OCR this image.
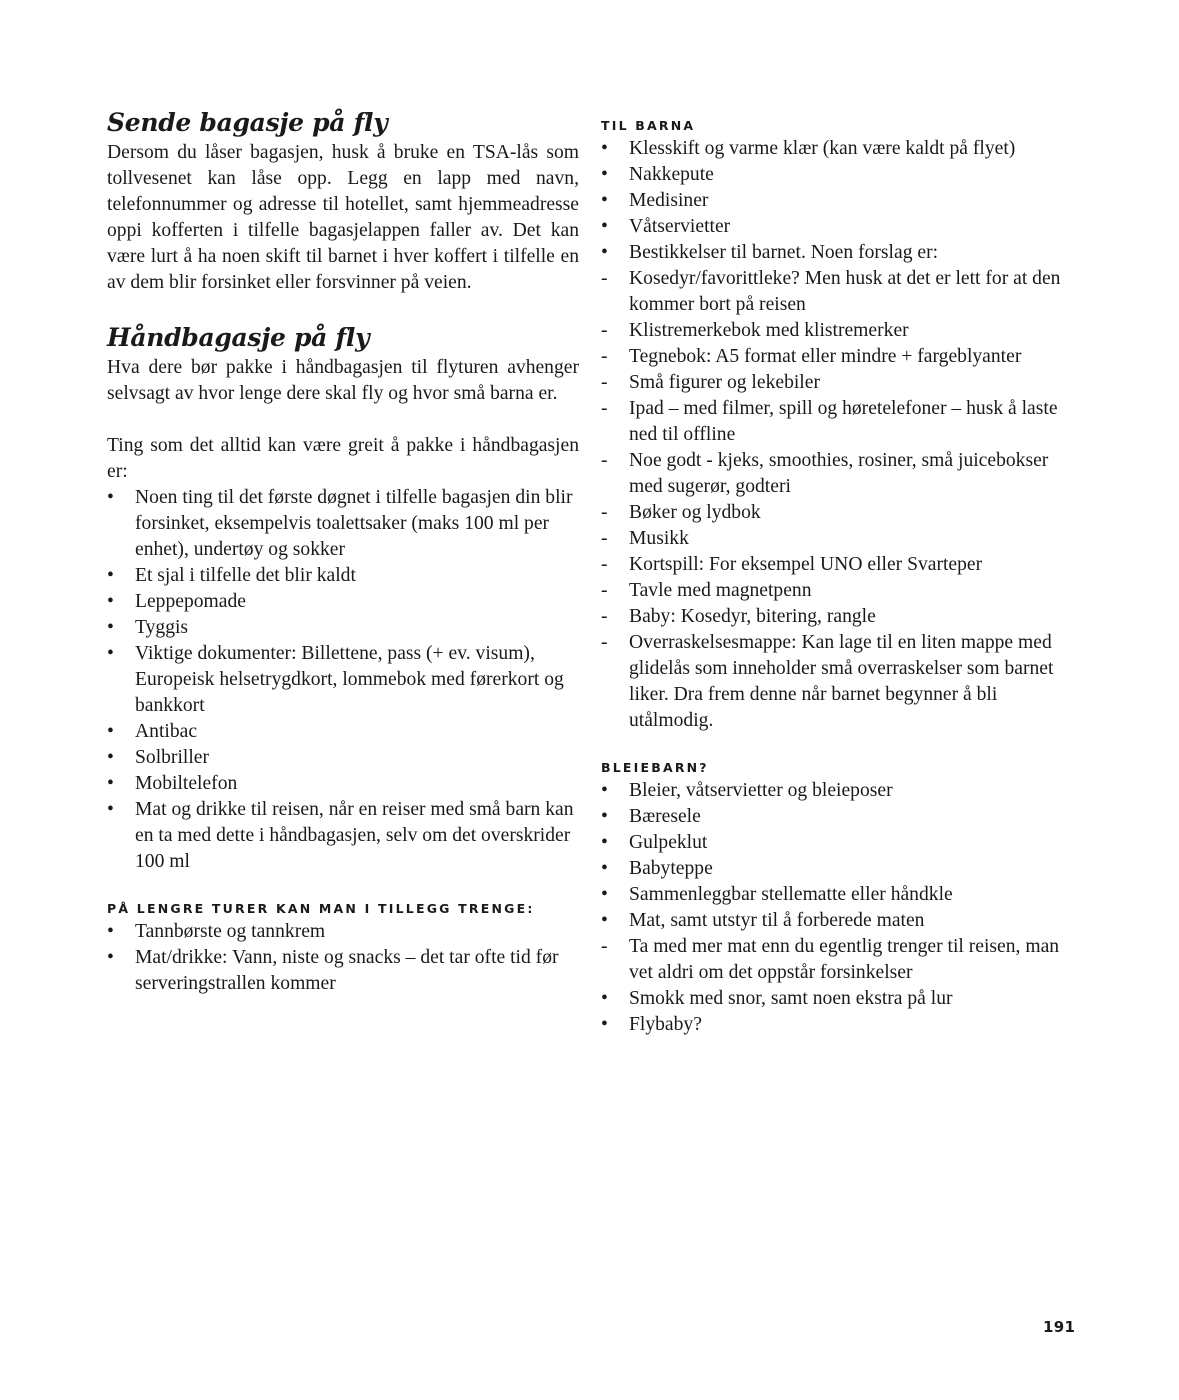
Sende bagasje på fly

Dersom du låser bagasjen, husk å bruke en TSA-lås som tollvesenet kan låse opp. Legg en lapp med navn, telefonnummer og adresse til hotellet, samt hjemmeadresse oppi kofferten i tilfelle bagasjelappen faller av. Det kan være lurt å ha noen skift til barnet i hver koffert i tilfelle en av dem blir forsinket eller forsvinner på veien.

Håndbagasje på fly

Hva dere bør pakke i håndbagasjen til flyturen avhenger selvsagt av hvor lenge dere skal fly og hvor små barna er.

Ting som det alltid kan være greit å pakke i håndbagasjen er:

•	Noen ting til det første døgnet i tilfelle bagasjen din blir forsinket, eksempelvis toalettsaker (maks 100 ml per enhet), undertøy og sokker
•	Et sjal i tilfelle det blir kaldt
•	Leppepomade
•	Tyggis
•	Viktige dokumenter: Billettene, pass (+ ev. visum), Europeisk helsetrygdkort, lommebok med førerkort og bankkort
•	Antibac
•	Solbriller
•	Mobiltelefon
•	Mat og drikke til reisen, når en reiser med små barn kan en ta med dette i håndbagasjen, selv om det overskrider 100 ml
PÅ LENGRE TURER KAN MAN I TILLEGG TRENGE:
•	Tannbørste og tannkrem
•	Mat/drikke: Vann, niste og snacks – det tar ofte tid før serveringstrallen kommer
TIL BARNA
•	Klesskift og varme klær (kan være kaldt på flyet)
•	Nakkepute
•	Medisiner
•	Våtservietter
•	Bestikkelser til barnet. Noen forslag er:
-	Kosedyr/favorittleke? Men husk at det er lett for at den kommer bort på reisen
-	Klistremerkebok med klistremerker
-	Tegnebok: A5 format eller mindre + fargeblyanter
-	Små figurer og lekebiler
-	Ipad – med filmer, spill og høretelefoner – husk å laste ned til offline
-	Noe godt - kjeks, smoothies, rosiner, små juicebokser med sugerør, godteri
-	Bøker og lydbok
-	Musikk
-	Kortspill: For eksempel UNO eller Svarteper
-	Tavle med magnetpenn
-	Baby: Kosedyr, bitering, rangle
-	Overraskelsesmappe: Kan lage til en liten mappe med glidelås som inneholder små overraskelser som barnet liker. Dra frem denne når barnet begynner å bli utålmodig.
BLEIEBARN?
•	Bleier, våtservietter og bleieposer
•	Bæresele
•	Gulpeklut
•	Babyteppe
•	Sammenleggbar stellematte eller håndkle
•	Mat, samt utstyr til å forberede maten
-	Ta med mer mat enn du egentlig trenger til reisen, man vet aldri om det oppstår forsinkelser
•	Smokk med snor, samt noen ekstra på lur
•	Flybaby?
191
